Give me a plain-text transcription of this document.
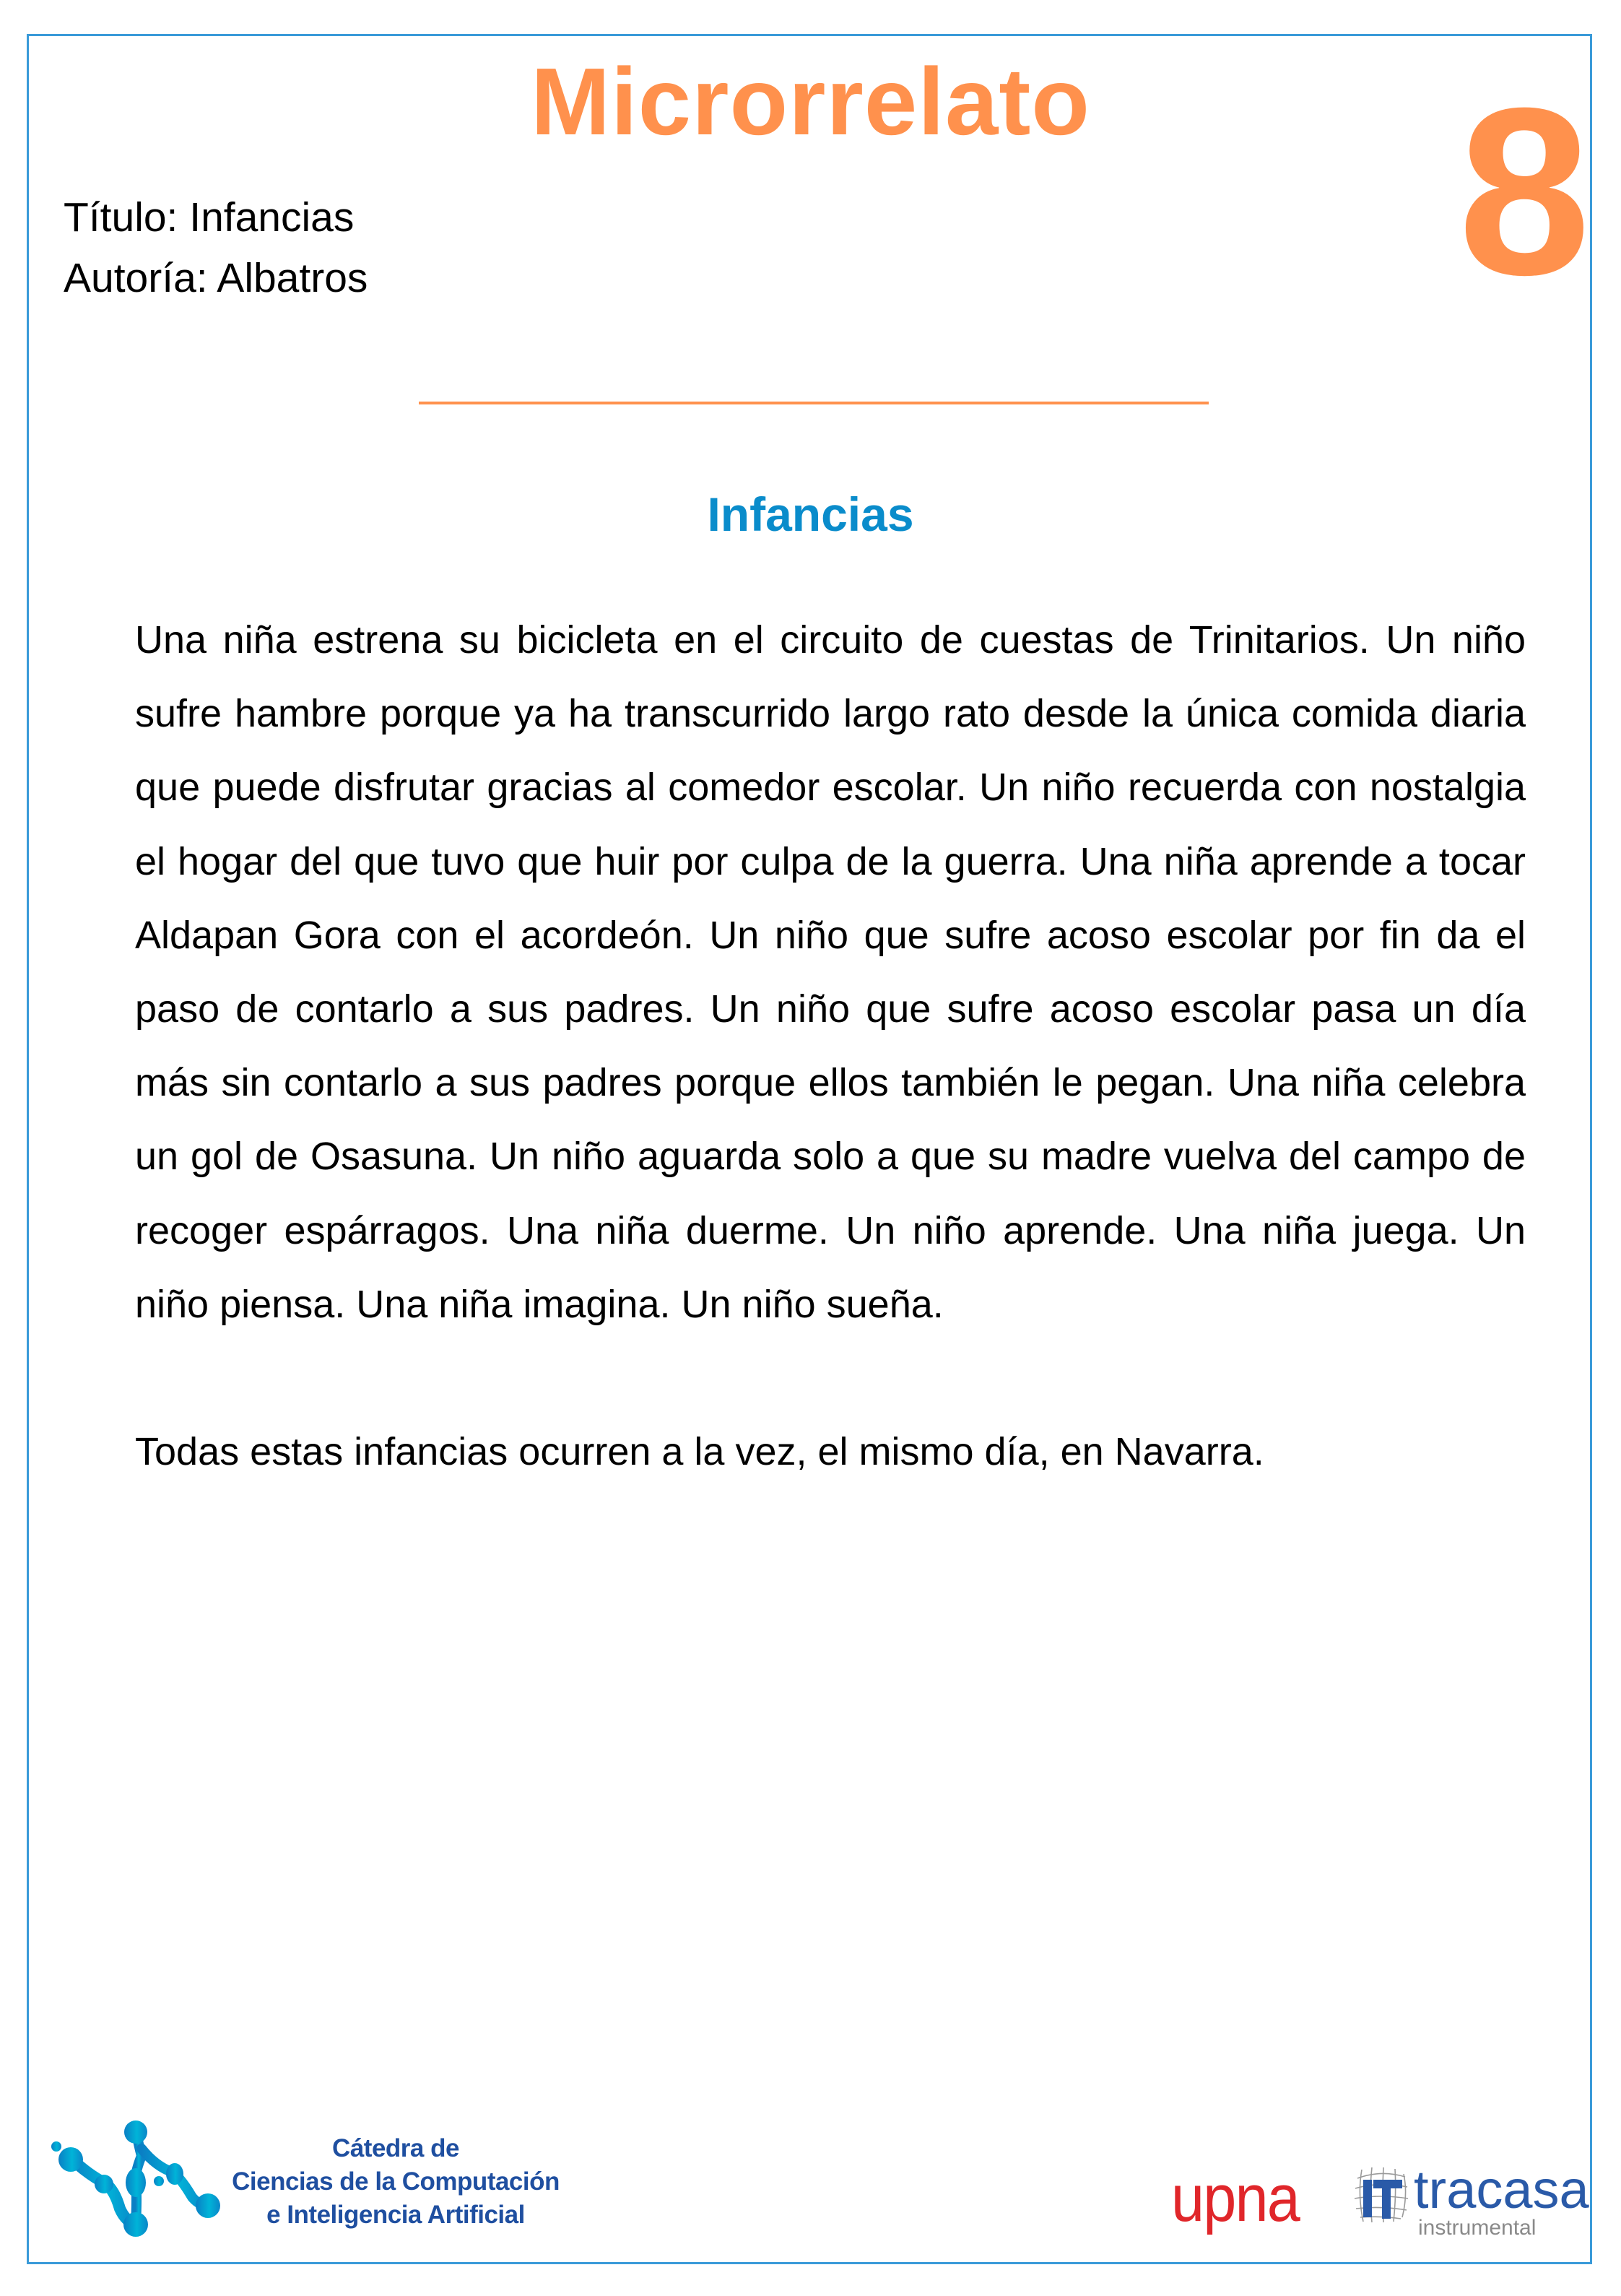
Microrrelato	8
Título: Infancias
Autoría: Albatros
Infancias

Una niña estrena su bicicleta en el circuito de cuestas de Trinitarios. Un niño sufre hambre porque ya ha transcurrido largo rato desde la única comida diaria que puede disfrutar gracias al comedor escolar. Un niño recuerda con nostalgia el hogar del que tuvo que huir por culpa de la guerra. Una niña aprende a tocar Aldapan Gora con el acordeón. Un niño que sufre acoso escolar por fin da el paso de contarlo a sus padres. Un niño que sufre acoso escolar pasa un día más sin contarlo a sus padres porque ellos también le pegan. Una niña celebra un gol de Osasuna. Un niño aguarda solo a que su madre vuelva del campo de recoger espárragos. Una niña duerme. Un niño aprende. Una niña juega. Un niño piensa. Una niña imagina. Un niño sueña.

Todas estas infancias ocurren a la vez, el mismo día, en Navarra.

Cátedra de
Ciencias de la Computación
e Inteligencia Artificial	upna tracasa
instrumental
